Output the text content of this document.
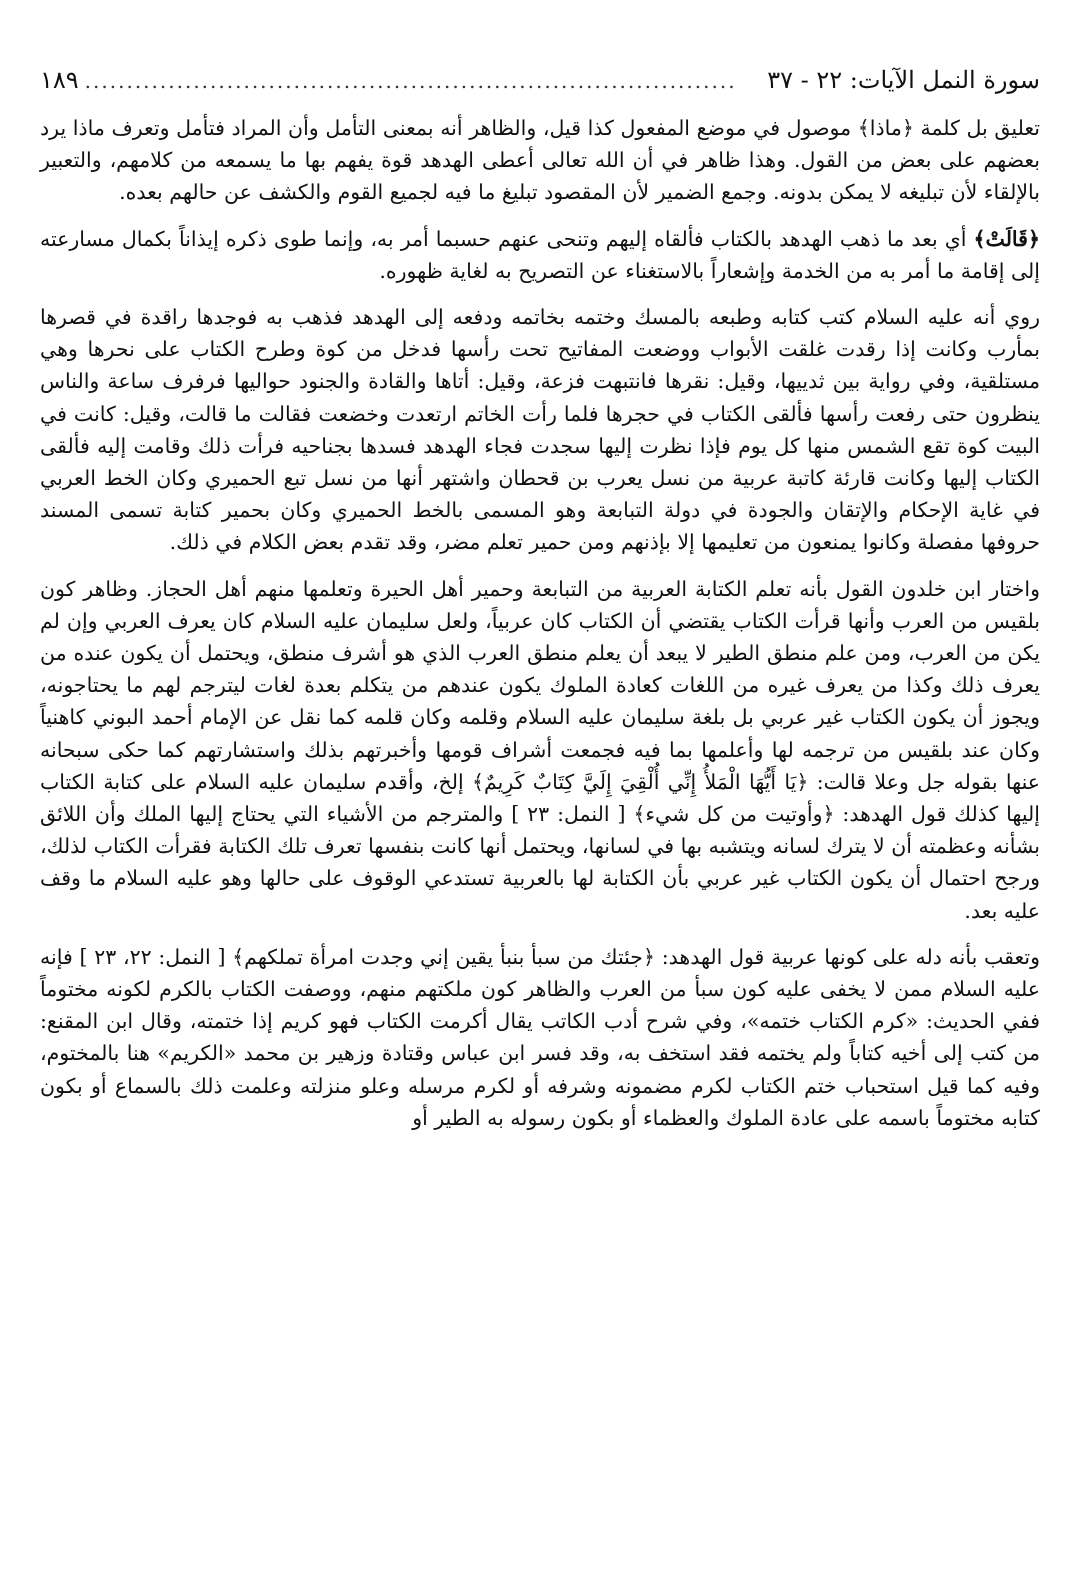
سورة النمل الآيات: ٢٢ - ٣٧
..............................................................................
١٨٩

تعليق بل كلمة ﴿ماذا﴾ موصول في موضع المفعول كذا قيل، والظاهر أنه بمعنى التأمل وأن المراد فتأمل وتعرف ماذا يرد بعضهم على بعض من القول. وهذا ظاهر في أن الله تعالى أعطى الهدهد قوة يفهم بها ما يسمعه من كلامهم، والتعبير بالإلقاء لأن تبليغه لا يمكن بدونه. وجمع الضمير لأن المقصود تبليغ ما فيه لجميع القوم والكشف عن حالهم بعده.

﴿قَالَتْ﴾ أي بعد ما ذهب الهدهد بالكتاب فألقاه إليهم وتنحى عنهم حسبما أمر به، وإنما طوى ذكره إيذاناً بكمال مسارعته إلى إقامة ما أمر به من الخدمة وإشعاراً بالاستغناء عن التصريح به لغاية ظهوره.

روي أنه عليه السلام كتب كتابه وطبعه بالمسك وختمه بخاتمه ودفعه إلى الهدهد فذهب به فوجدها راقدة في قصرها بمأرب وكانت إذا رقدت غلقت الأبواب ووضعت المفاتيح تحت رأسها فدخل من كوة وطرح الكتاب على نحرها وهي مستلقية، وفي رواية بين ثدييها، وقيل: نقرها فانتبهت فزعة، وقيل: أتاها والقادة والجنود حواليها فرفرف ساعة والناس ينظرون حتى رفعت رأسها فألقى الكتاب في حجرها فلما رأت الخاتم ارتعدت وخضعت فقالت ما قالت، وقيل: كانت في البيت كوة تقع الشمس منها كل يوم فإذا نظرت إليها سجدت فجاء الهدهد فسدها بجناحيه فرأت ذلك وقامت إليه فألقى الكتاب إليها وكانت قارئة كاتبة عربية من نسل يعرب بن قحطان واشتهر أنها من نسل تبع الحميري وكان الخط العربي في غاية الإحكام والإتقان والجودة في دولة التبابعة وهو المسمى بالخط الحميري وكان بحمير كتابة تسمى المسند حروفها مفصلة وكانوا يمنعون من تعليمها إلا بإذنهم ومن حمير تعلم مضر، وقد تقدم بعض الكلام في ذلك.

واختار ابن خلدون القول بأنه تعلم الكتابة العربية من التبابعة وحمير أهل الحيرة وتعلمها منهم أهل الحجاز. وظاهر كون بلقيس من العرب وأنها قرأت الكتاب يقتضي أن الكتاب كان عربياً، ولعل سليمان عليه السلام كان يعرف العربي وإن لم يكن من العرب، ومن علم منطق الطير لا يبعد أن يعلم منطق العرب الذي هو أشرف منطق، ويحتمل أن يكون عنده من يعرف ذلك وكذا من يعرف غيره من اللغات كعادة الملوك يكون عندهم من يتكلم بعدة لغات ليترجم لهم ما يحتاجونه، ويجوز أن يكون الكتاب غير عربي بل بلغة سليمان عليه السلام وقلمه وكان قلمه كما نقل عن الإمام أحمد البوني كاهنياً وكان عند بلقيس من ترجمه لها وأعلمها بما فيه فجمعت أشراف قومها وأخبرتهم بذلك واستشارتهم كما حكى سبحانه عنها بقوله جل وعلا قالت: ﴿يَا أَيُّهَا الْمَلأُ إِنِّي أُلْقِيَ إِلَيَّ كِتَابٌ كَرِيمٌ﴾ إلخ، وأقدم سليمان عليه السلام على كتابة الكتاب إليها كذلك قول الهدهد: ﴿وأوتيت من كل شيء﴾ [ النمل: ٢٣ ] والمترجم من الأشياء التي يحتاج إليها الملك وأن اللائق بشأنه وعظمته أن لا يترك لسانه ويتشبه بها في لسانها، ويحتمل أنها كانت بنفسها تعرف تلك الكتابة فقرأت الكتاب لذلك، ورجح احتمال أن يكون الكتاب غير عربي بأن الكتابة لها بالعربية تستدعي الوقوف على حالها وهو عليه السلام ما وقف عليه بعد.

وتعقب بأنه دله على كونها عربية قول الهدهد: ﴿جئتك من سبأ بنبأ يقين إني وجدت امرأة تملكهم﴾ [ النمل: ٢٢، ٢٣ ] فإنه عليه السلام ممن لا يخفى عليه كون سبأ من العرب والظاهر كون ملكتهم منهم، ووصفت الكتاب بالكرم لكونه مختوماً ففي الحديث: «كرم الكتاب ختمه»، وفي شرح أدب الكاتب يقال أكرمت الكتاب فهو كريم إذا ختمته، وقال ابن المقنع: من كتب إلى أخيه كتاباً ولم يختمه فقد استخف به، وقد فسر ابن عباس وقتادة وزهير بن محمد «الكريم» هنا بالمختوم، وفيه كما قيل استحباب ختم الكتاب لكرم مضمونه وشرفه أو لكرم مرسله وعلو منزلته وعلمت ذلك بالسماع أو بكون كتابه مختوماً باسمه على عادة الملوك والعظماء أو بكون رسوله به الطير أو
